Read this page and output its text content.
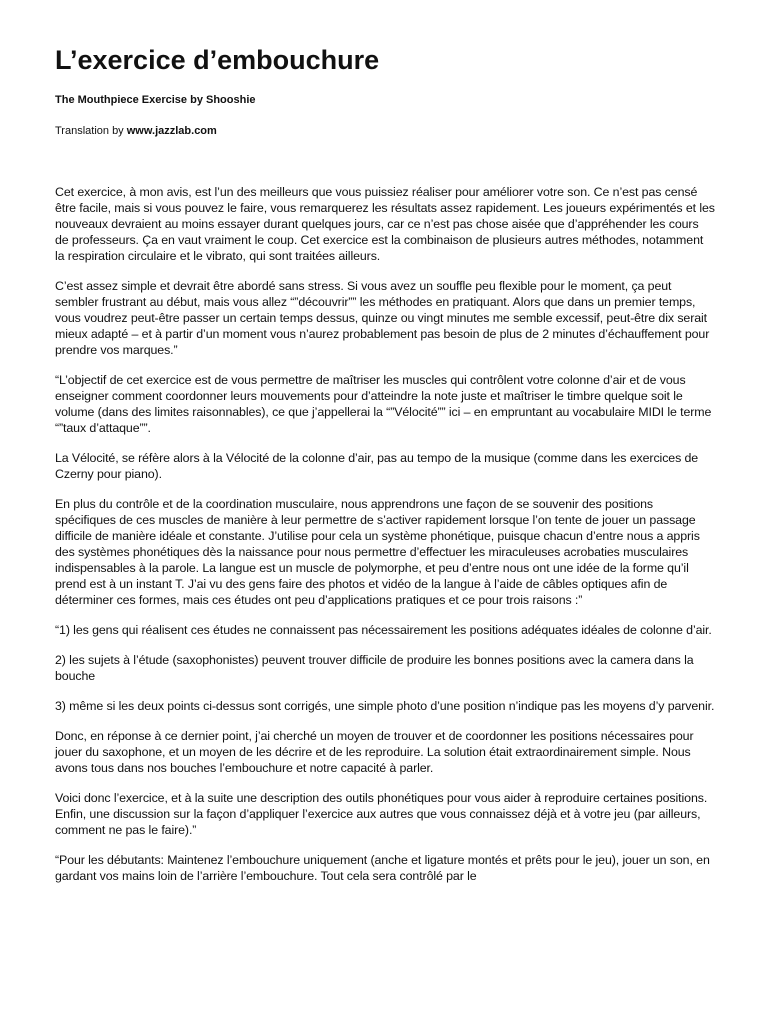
L’exercice d’embouchure
The Mouthpiece Exercise by Shooshie
Translation by www.jazzlab.com

Cet exercice, à mon avis, est l’un des meilleurs que vous puissiez réaliser pour améliorer votre son. Ce n’est pas censé être facile, mais si vous pouvez le faire, vous remarquerez les résultats assez rapidement. Les joueurs expérimentés et les nouveaux devraient au moins essayer durant quelques jours, car ce n’est pas chose aisée que d’appréhender les cours de professeurs. Ça en vaut vraiment le coup. Cet exercice est la combinaison de plusieurs autres méthodes, notamment la respiration circulaire et le vibrato, qui sont traitées ailleurs.

C’est assez simple et devrait être abordé sans stress. Si vous avez un souffle peu flexible pour le moment, ça peut sembler frustrant au début, mais vous allez “”découvrir”” les méthodes en pratiquant. Alors que dans un premier temps, vous voudrez peut-être passer un certain temps dessus, quinze ou vingt minutes me semble excessif, peut-être dix serait mieux adapté – et à partir d’un moment vous n’aurez probablement pas besoin de plus de 2 minutes d’échauffement pour prendre vos marques.”

“L’objectif de cet exercice est de vous permettre de maîtriser les muscles qui contrôlent votre colonne d’air et de vous enseigner comment coordonner leurs mouvements pour d’atteindre la note juste et maîtriser le timbre quelque soit le volume (dans des limites raisonnables), ce que j’appellerai la “”Vélocité”” ici – en empruntant au vocabulaire MIDI le terme “”taux d’attaque””.

La Vélocité, se réfère alors à la Vélocité de la colonne d’air, pas au tempo de la musique (comme dans les exercices de Czerny pour piano).

En plus du contrôle et de la coordination musculaire, nous apprendrons une façon de se souvenir des positions spécifiques de ces muscles de manière à leur permettre de s’activer rapidement lorsque l’on tente de jouer un passage difficile de manière idéale et constante. J’utilise pour cela un système phonétique, puisque chacun d’entre nous a appris des systèmes phonétiques dès la naissance pour nous permettre d’effectuer les miraculeuses acrobaties musculaires indispensables à la parole. La langue est un muscle de polymorphe, et peu d’entre nous ont une idée de la forme qu’il prend est à un instant T. J’ai vu des gens faire des photos et vidéo de la langue à l’aide de câbles optiques afin de déterminer ces formes, mais ces études ont peu d’applications pratiques et ce pour trois raisons :”

“1) les gens qui réalisent ces études ne connaissent pas nécessairement les positions adéquates idéales de colonne d’air.

2) les sujets à l’étude (saxophonistes) peuvent trouver difficile de produire les bonnes positions avec la camera dans la bouche

3) même si les deux points ci-dessus sont corrigés, une simple photo d’une position n’indique pas les moyens d’y parvenir.

Donc, en réponse à ce dernier point, j’ai cherché un moyen de trouver et de coordonner les positions nécessaires pour jouer du saxophone, et un moyen de les décrire et de les reproduire. La solution était extraordinairement simple. Nous avons tous dans nos bouches l’embouchure et notre capacité à parler.

Voici donc l’exercice, et à la suite une description des outils phonétiques pour vous aider à reproduire certaines positions. Enfin, une discussion sur la façon d’appliquer l’exercice aux autres que vous connaissez déjà et à votre jeu (par ailleurs, comment ne pas le faire).”

“Pour les débutants: Maintenez l’embouchure uniquement (anche et ligature montés et prêts pour le jeu), jouer un son, en gardant vos mains loin de l’arrière l’embouchure. Tout cela sera contrôlé par le
